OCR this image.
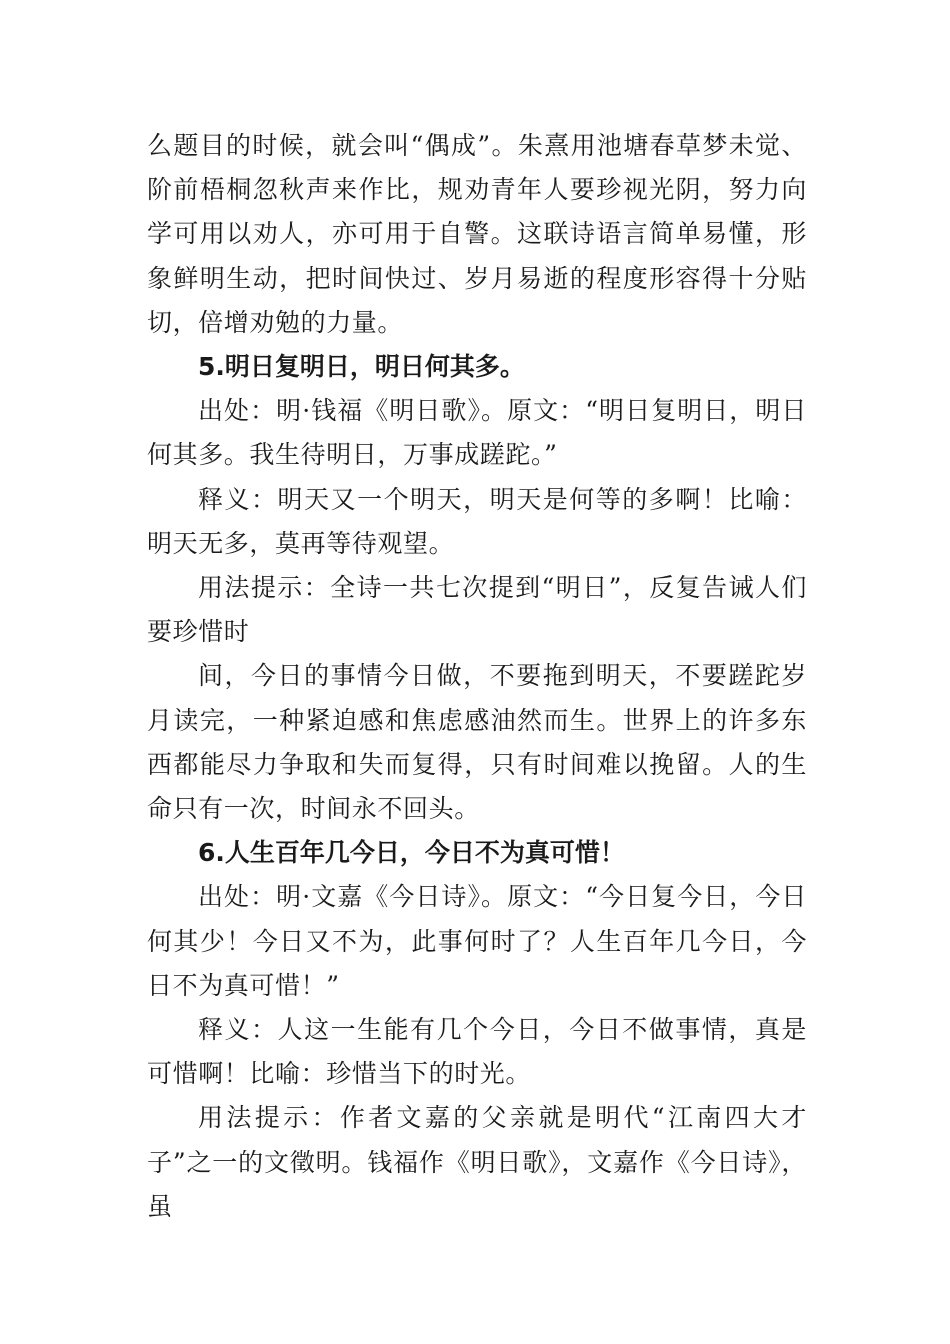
么题目的时候，就会叫“偶成”。朱熹用池塘春草梦未觉、阶前梧桐忽秋声来作比，规劝青年人要珍视光阴，努力向学可用以劝人，亦可用于自警。这联诗语言简单易懂，形象鲜明生动，把时间快过、岁月易逝的程度形容得十分贴切，倍增劝勉的力量。

5.明日复明日，明日何其多。

出处：明·钱福《明日歌》。原文：“明日复明日，明日何其多。我生待明日，万事成蹉跎。”

释义：明天又一个明天，明天是何等的多啊！比喻：明天无多，莫再等待观望。

用法提示：全诗一共七次提到“明日”，反复告诫人们要珍惜时

间，今日的事情今日做，不要拖到明天，不要蹉跎岁月读完，一种紧迫感和焦虑感油然而生。世界上的许多东西都能尽力争取和失而复得，只有时间难以挽留。人的生命只有一次，时间永不回头。

6.人生百年几今日，今日不为真可惜！

出处：明·文嘉《今日诗》。原文：“今日复今日，今日何其少！今日又不为，此事何时了？人生百年几今日，今日不为真可惜！”

释义：人这一生能有几个今日，今日不做事情，真是可惜啊！比喻：珍惜当下的时光。

用法提示：作者文嘉的父亲就是明代“江南四大才子”之一的文徵明。钱福作《明日歌》，文嘉作《今日诗》，虽
